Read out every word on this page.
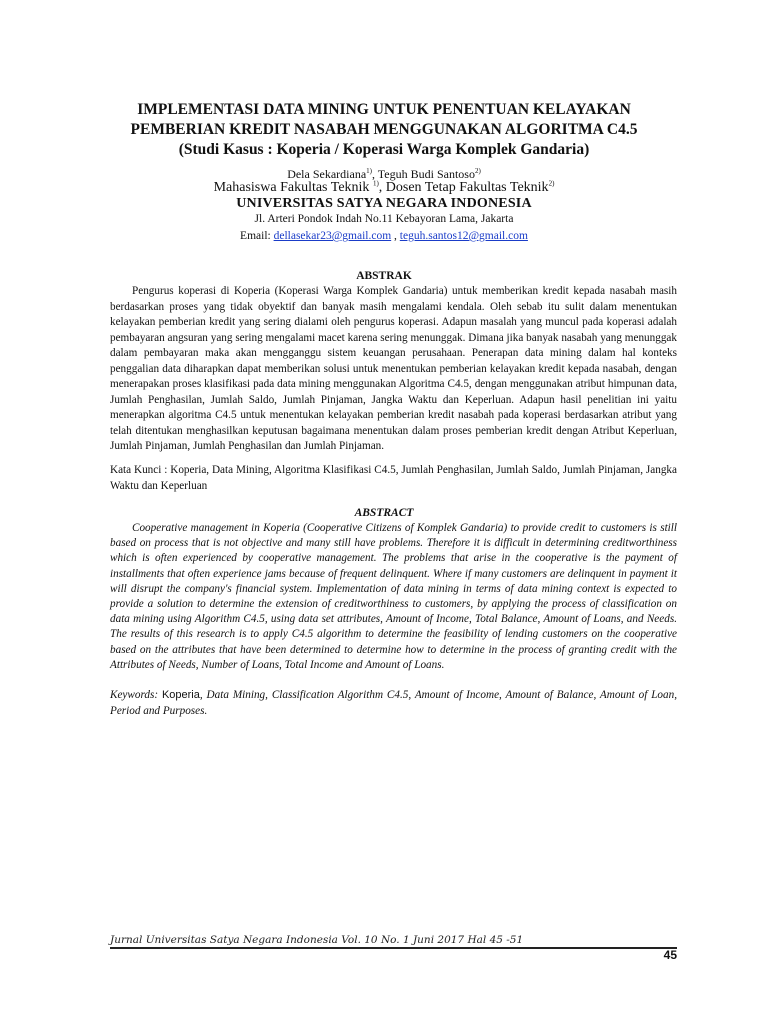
IMPLEMENTASI DATA MINING UNTUK PENENTUAN KELAYAKAN
PEMBERIAN KREDIT NASABAH MENGGUNAKAN ALGORITMA C4.5
(Studi Kasus : Koperia / Koperasi Warga Komplek Gandaria)
Dela Sekardiana$^{1)}$, Teguh Budi Santoso$^{2)}$
Mahasiswa Fakultas Teknik $^{1)}$, Dosen Tetap Fakultas Teknik$^{2)}$
UNIVERSITAS SATYA NEGARA INDONESIA
Jl. Arteri Pondok Indah No.11 Kebayoran Lama, Jakarta
Email: dellasekar23@gmail.com , teguh.santos12@gmail.com
ABSTRAK

Pengurus koperasi di Koperia (Koperasi Warga Komplek Gandaria) untuk memberikan kredit kepada nasabah masih berdasarkan proses yang tidak obyektif dan banyak masih mengalami kendala. Oleh sebab itu sulit dalam menentukan kelayakan pemberian kredit yang sering dialami oleh pengurus koperasi. Adapun masalah yang muncul pada koperasi adalah pembayaran angsuran yang sering mengalami macet karena sering menunggak. Dimana jika banyak nasabah yang menunggak dalam pembayaran maka akan mengganggu sistem keuangan perusahaan. Penerapan data mining dalam hal konteks penggalian data diharapkan dapat memberikan solusi untuk menentukan pemberian kelayakan kredit kepada nasabah, dengan menerapakan proses klasifikasi pada data mining menggunakan Algoritma C4.5, dengan menggunakan atribut himpunan data, Jumlah Penghasilan, Jumlah Saldo, Jumlah Pinjaman, Jangka Waktu dan Keperluan. Adapun hasil penelitian ini yaitu menerapkan algoritma C4.5 untuk menentukan kelayakan pemberian kredit nasabah pada koperasi berdasarkan atribut yang telah ditentukan menghasilkan keputusan bagaimana menentukan dalam proses pemberian kredit dengan Atribut Keperluan, Jumlah Pinjaman, Jumlah Penghasilan dan Jumlah Pinjaman.

Kata Kunci : Koperia, Data Mining, Algoritma Klasifikasi C4.5, Jumlah Penghasilan, Jumlah Saldo, Jumlah Pinjaman, Jangka Waktu dan Keperluan
ABSTRACT

Cooperative management in Koperia (Cooperative Citizens of Komplek Gandaria) to provide credit to customers is still based on process that is not objective and many still have problems. Therefore it is difficult in determining creditworthiness which is often experienced by cooperative management. The problems that arise in the cooperative is the payment of installments that often experience jams because of frequent delinquent. Where if many customers are delinquent in payment it will disrupt the company's financial system. Implementation of data mining in terms of data mining context is expected to provide a solution to determine the extension of creditworthiness to customers, by applying the process of classification on data mining using Algorithm C4.5, using data set attributes, Amount of Income, Total Balance, Amount of Loans, and Needs. The results of this research is to apply C4.5 algorithm to determine the feasibility of lending customers on the cooperative based on the attributes that have been determined to determine how to determine in the process of granting credit with the Attributes of Needs, Number of Loans, Total Income and Amount of Loans.

Keywords: Koperia, Data Mining, Classification Algorithm C4.5, Amount of Income, Amount of Balance, Amount of Loan, Period and Purposes.
Jurnal Universitas Satya Negara Indonesia Vol. 10 No. 1 Juni 2017 Hal 45 -51
45
